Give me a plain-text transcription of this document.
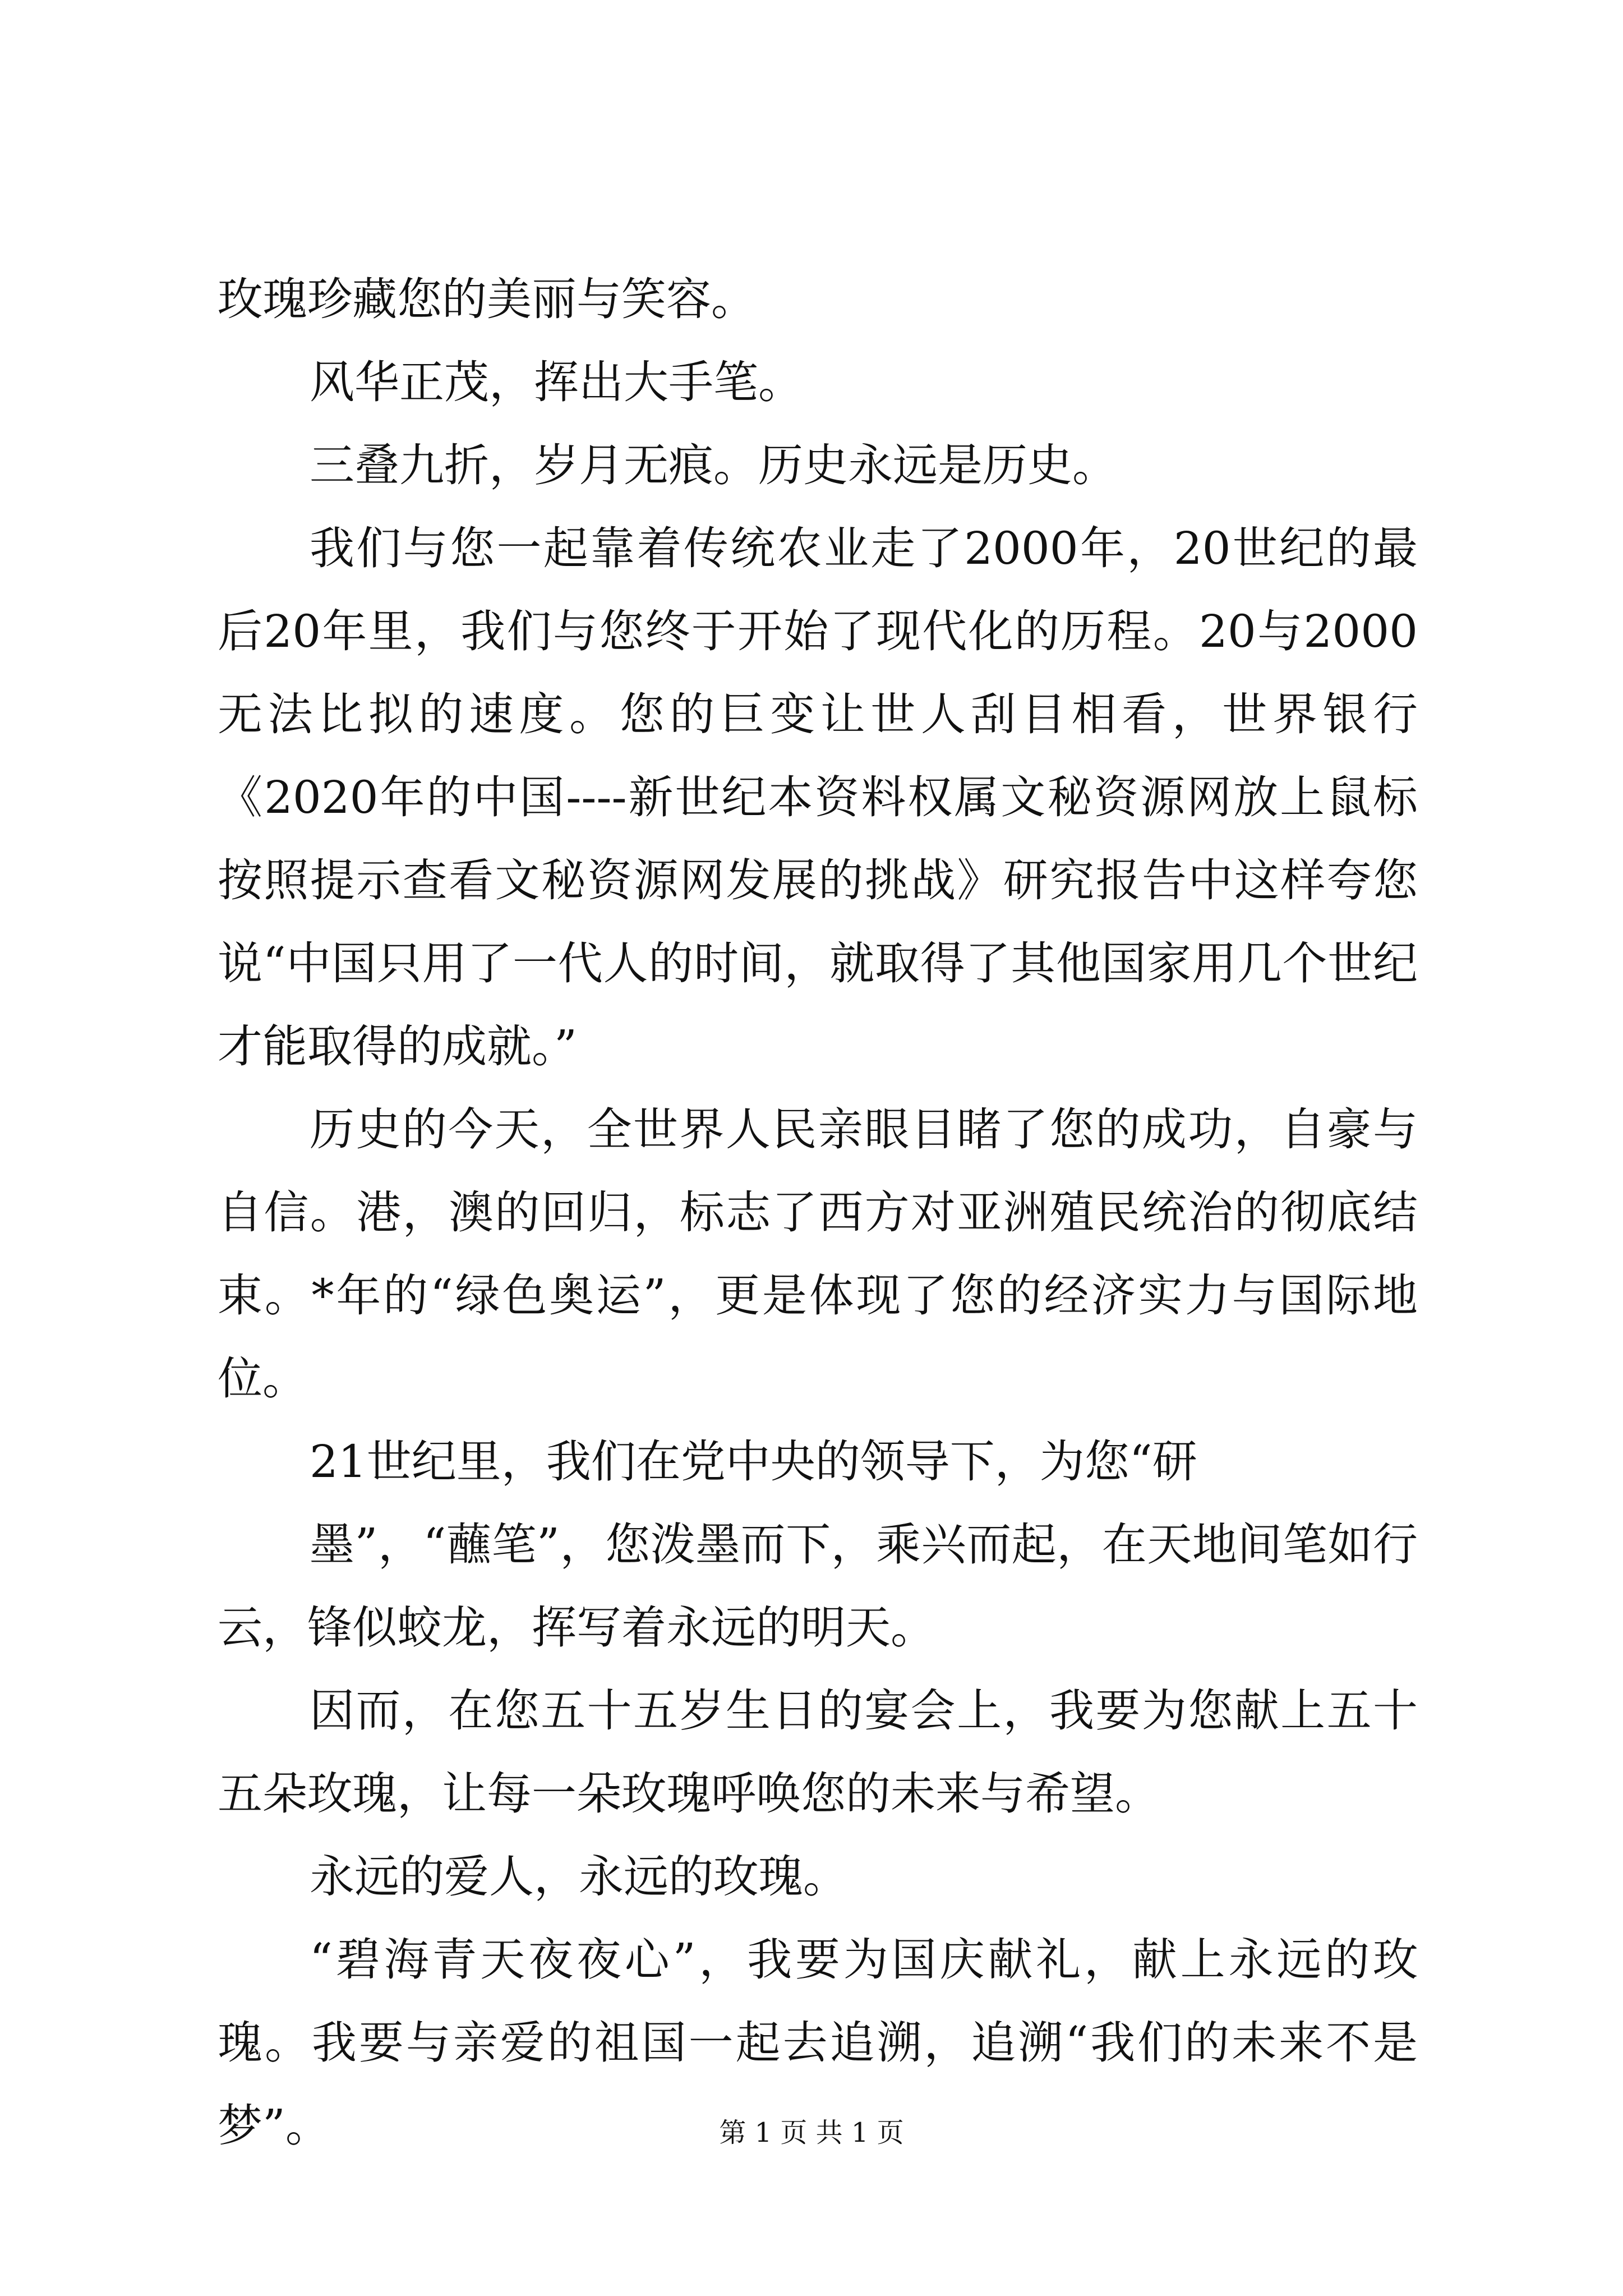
玫瑰珍藏您的美丽与笑容。

风华正茂，挥出大手笔。

三叠九折，岁月无痕。历史永远是历史。

我们与您一起靠着传统农业走了2000年，20世纪的最后20年里，我们与您终于开始了现代化的历程。20与2000无法比拟的速度。您的巨变让世人刮目相看，世界银行《2020年的中国----新世纪本资料权属文秘资源网放上鼠标按照提示查看文秘资源网发展的挑战》研究报告中这样夸您说“中国只用了一代人的时间，就取得了其他国家用几个世纪才能取得的成就。”

历史的今天，全世界人民亲眼目睹了您的成功，自豪与自信。港，澳的回归，标志了西方对亚洲殖民统治的彻底结束。*年的“绿色奥运”，更是体现了您的经济实力与国际地位。

21世纪里，我们在党中央的领导下，为您“研

墨”，“蘸笔”，您泼墨而下，乘兴而起，在天地间笔如行云，锋似蛟龙，挥写着永远的明天。

因而，在您五十五岁生日的宴会上，我要为您献上五十五朵玫瑰，让每一朵玫瑰呼唤您的未来与希望。

永远的爱人，永远的玫瑰。

“碧海青天夜夜心”，我要为国庆献礼，献上永远的玫瑰。我要与亲爱的祖国一起去追溯，追溯“我们的未来不是梦”。	第 1 页 共 1 页
